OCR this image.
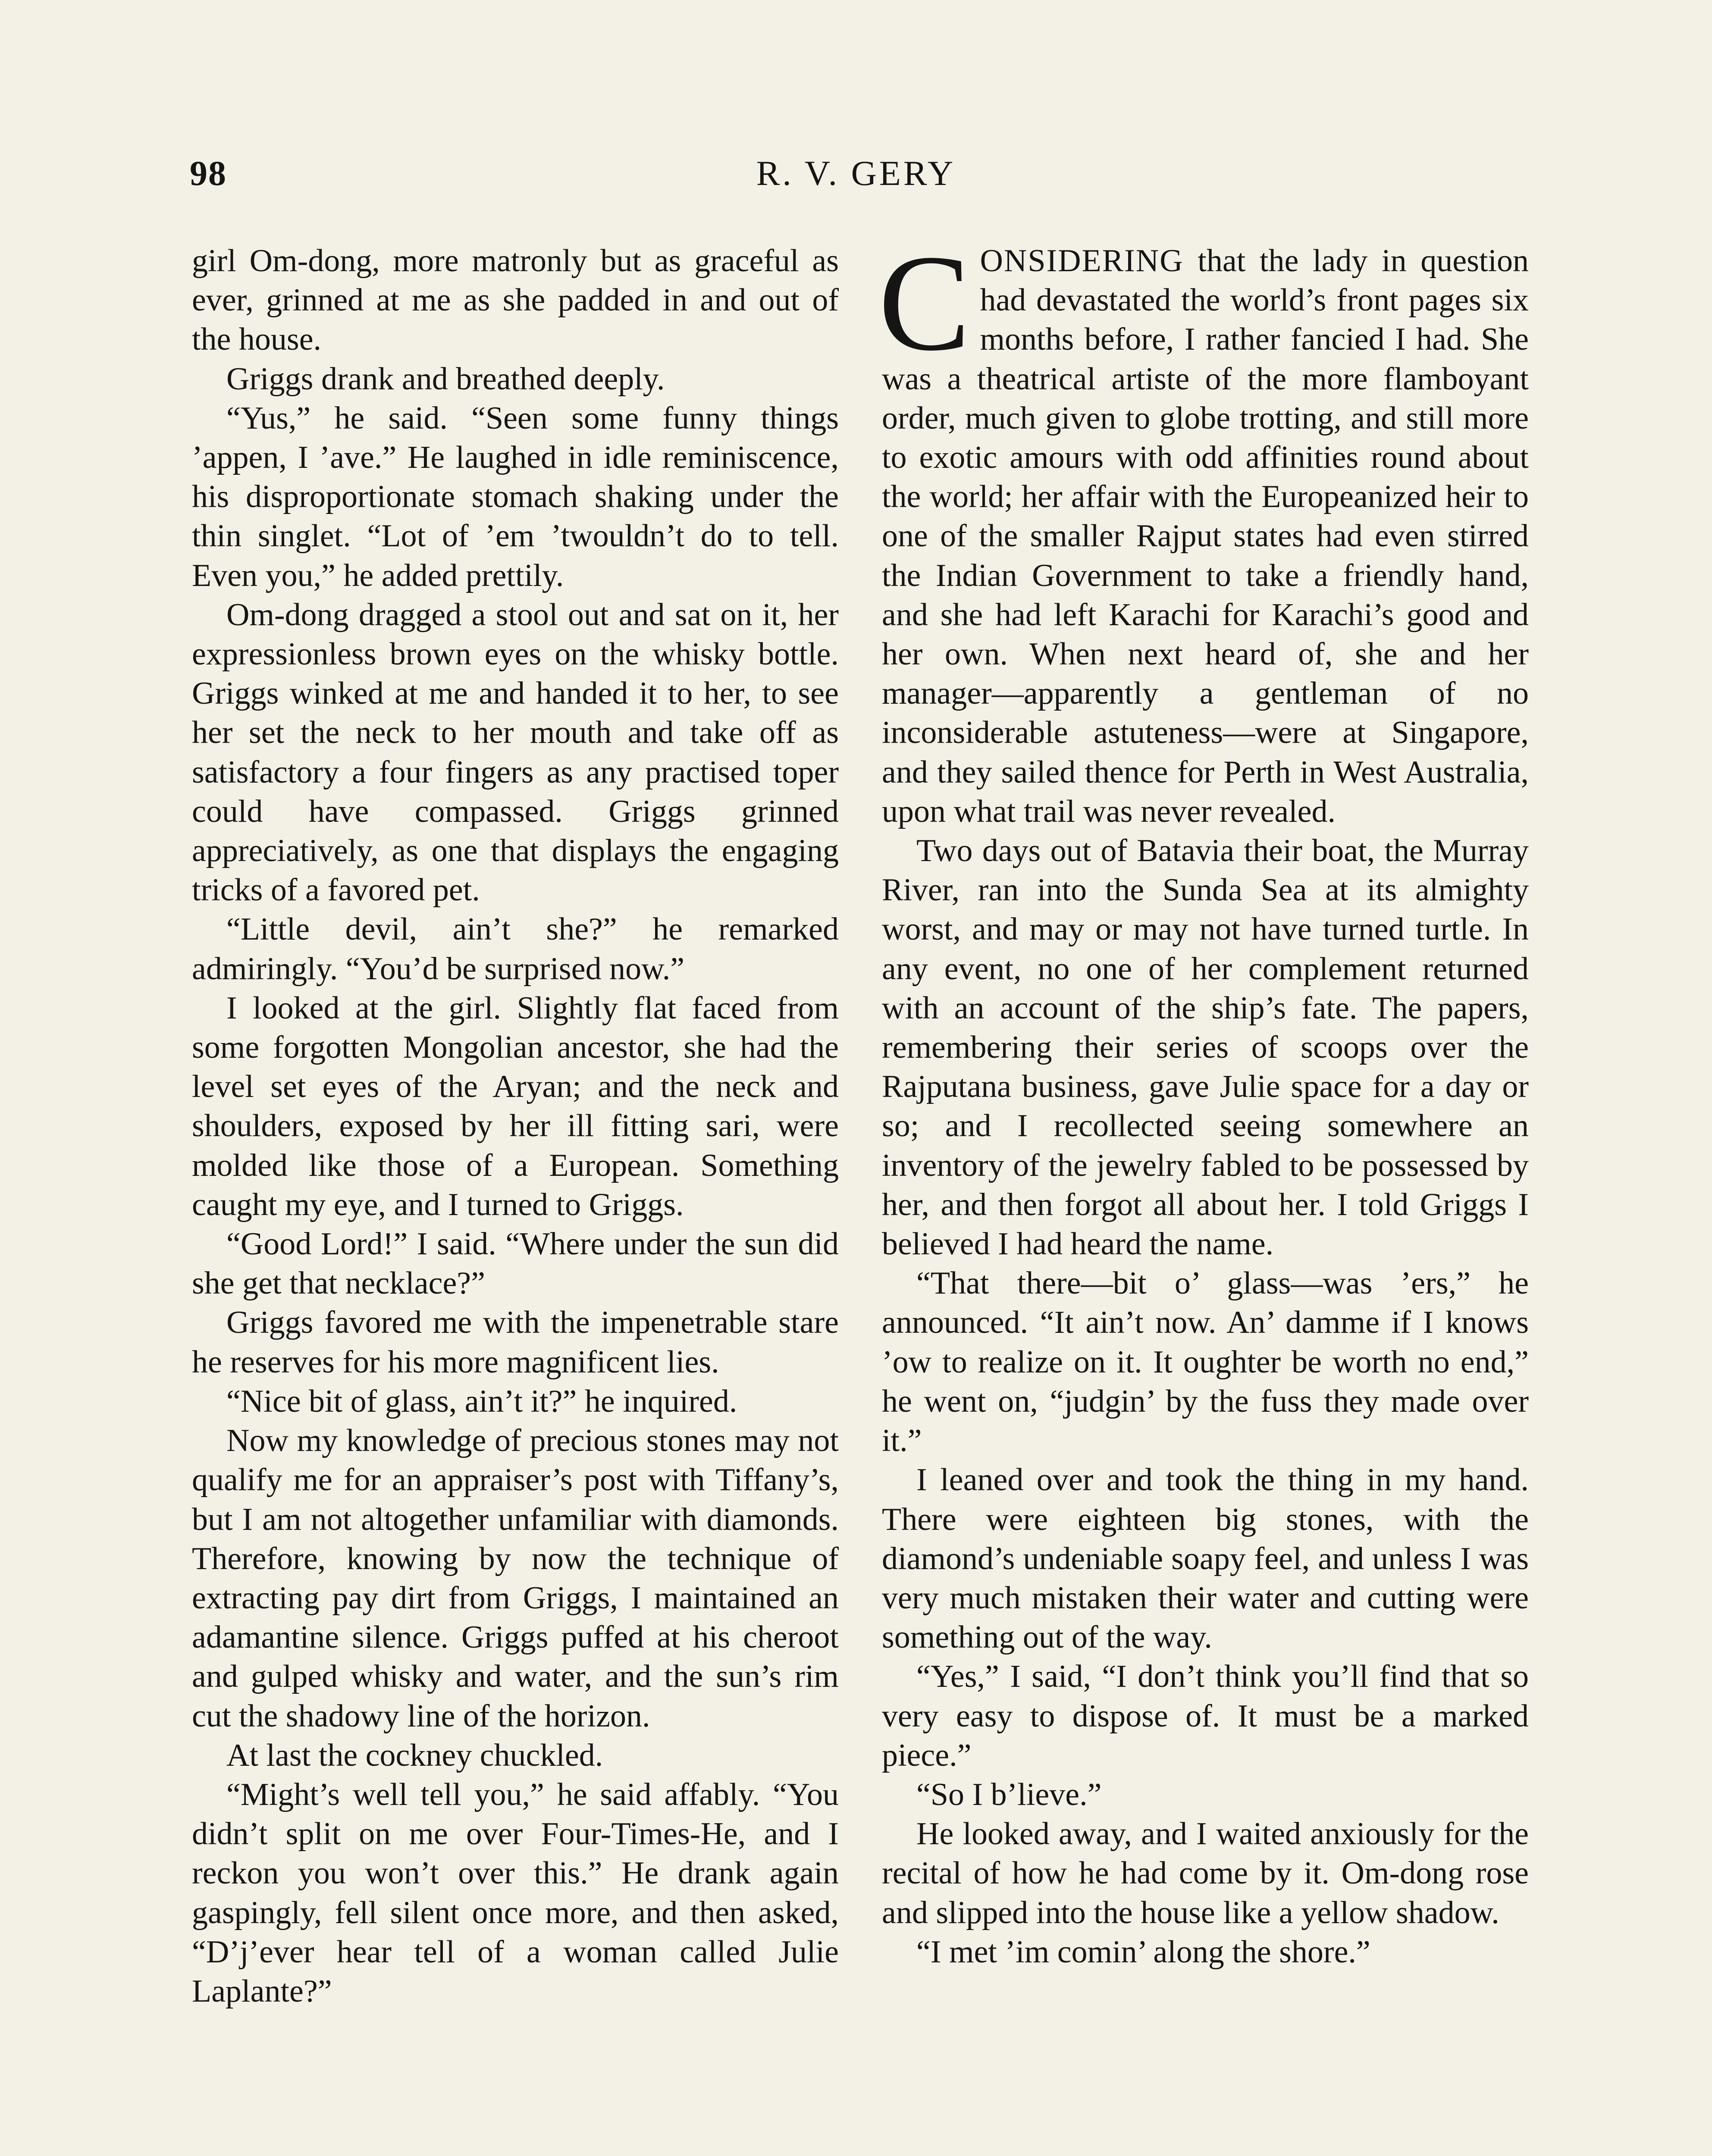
98	R. V. GERY

girl Om-dong, more matronly but as graceful as ever, grinned at me as she padded in and out of the house.

Griggs drank and breathed deeply.

“Yus,” he said. “Seen some funny things ’appen, I ’ave.” He laughed in idle reminiscence, his disproportionate stomach shaking under the thin singlet. “Lot of ’em ’twouldn’t do to tell. Even you,” he added prettily.

Om-dong dragged a stool out and sat on it, her expressionless brown eyes on the whisky bottle. Griggs winked at me and handed it to her, to see her set the neck to her mouth and take off as satisfactory a four fingers as any practised toper could have compassed. Griggs grinned appreciatively, as one that displays the engaging tricks of a favored pet.

“Little devil, ain’t she?” he remarked admiringly. “You’d be surprised now.”

I looked at the girl. Slightly flat faced from some forgotten Mongolian ancestor, she had the level set eyes of the Aryan; and the neck and shoulders, exposed by her ill fitting sari, were molded like those of a European. Something caught my eye, and I turned to Griggs.

“Good Lord!” I said. “Where under the sun did she get that necklace?”

Griggs favored me with the impenetrable stare he reserves for his more magnificent lies.

“Nice bit of glass, ain’t it?” he inquired.

Now my knowledge of precious stones may not qualify me for an appraiser’s post with Tiffany’s, but I am not altogether unfamiliar with diamonds. Therefore, knowing by now the technique of extracting pay dirt from Griggs, I maintained an adamantine silence. Griggs puffed at his cheroot and gulped whisky and water, and the sun’s rim cut the shadowy line of the horizon.

At last the cockney chuckled.

“Might’s well tell you,” he said affably. “You didn’t split on me over Four-Times-He, and I reckon you won’t over this.” He drank again gaspingly, fell silent once more, and then asked, “D’j’ever hear tell of a woman called Julie Laplante?”

CONSIDERING that the lady in question had devastated the world’s front pages six months before, I rather fancied I had. She was a theatrical artiste of the more flamboyant order, much given to globe trotting, and still more to exotic amours with odd affinities round about the world; her affair with the Europeanized heir to one of the smaller Rajput states had even stirred the Indian Government to take a friendly hand, and she had left Karachi for Karachi’s good and her own. When next heard of, she and her manager—apparently a gentleman of no inconsiderable astuteness—were at Singapore, and they sailed thence for Perth in West Australia, upon what trail was never revealed.

Two days out of Batavia their boat, the Murray River, ran into the Sunda Sea at its almighty worst, and may or may not have turned turtle. In any event, no one of her complement returned with an account of the ship’s fate. The papers, remembering their series of scoops over the Rajputana business, gave Julie space for a day or so; and I recollected seeing somewhere an inventory of the jewelry fabled to be possessed by her, and then forgot all about her. I told Griggs I believed I had heard the name.

“That there—bit o’ glass—was ’ers,” he announced. “It ain’t now. An’ damme if I knows ’ow to realize on it. It oughter be worth no end,” he went on, “judgin’ by the fuss they made over it.”

I leaned over and took the thing in my hand. There were eighteen big stones, with the diamond’s undeniable soapy feel, and unless I was very much mistaken their water and cutting were something out of the way.

“Yes,” I said, “I don’t think you’ll find that so very easy to dispose of. It must be a marked piece.”

“So I b’lieve.”

He looked away, and I waited anxiously for the recital of how he had come by it. Om-dong rose and slipped into the house like a yellow shadow.

“I met ’im comin’ along the shore.”
